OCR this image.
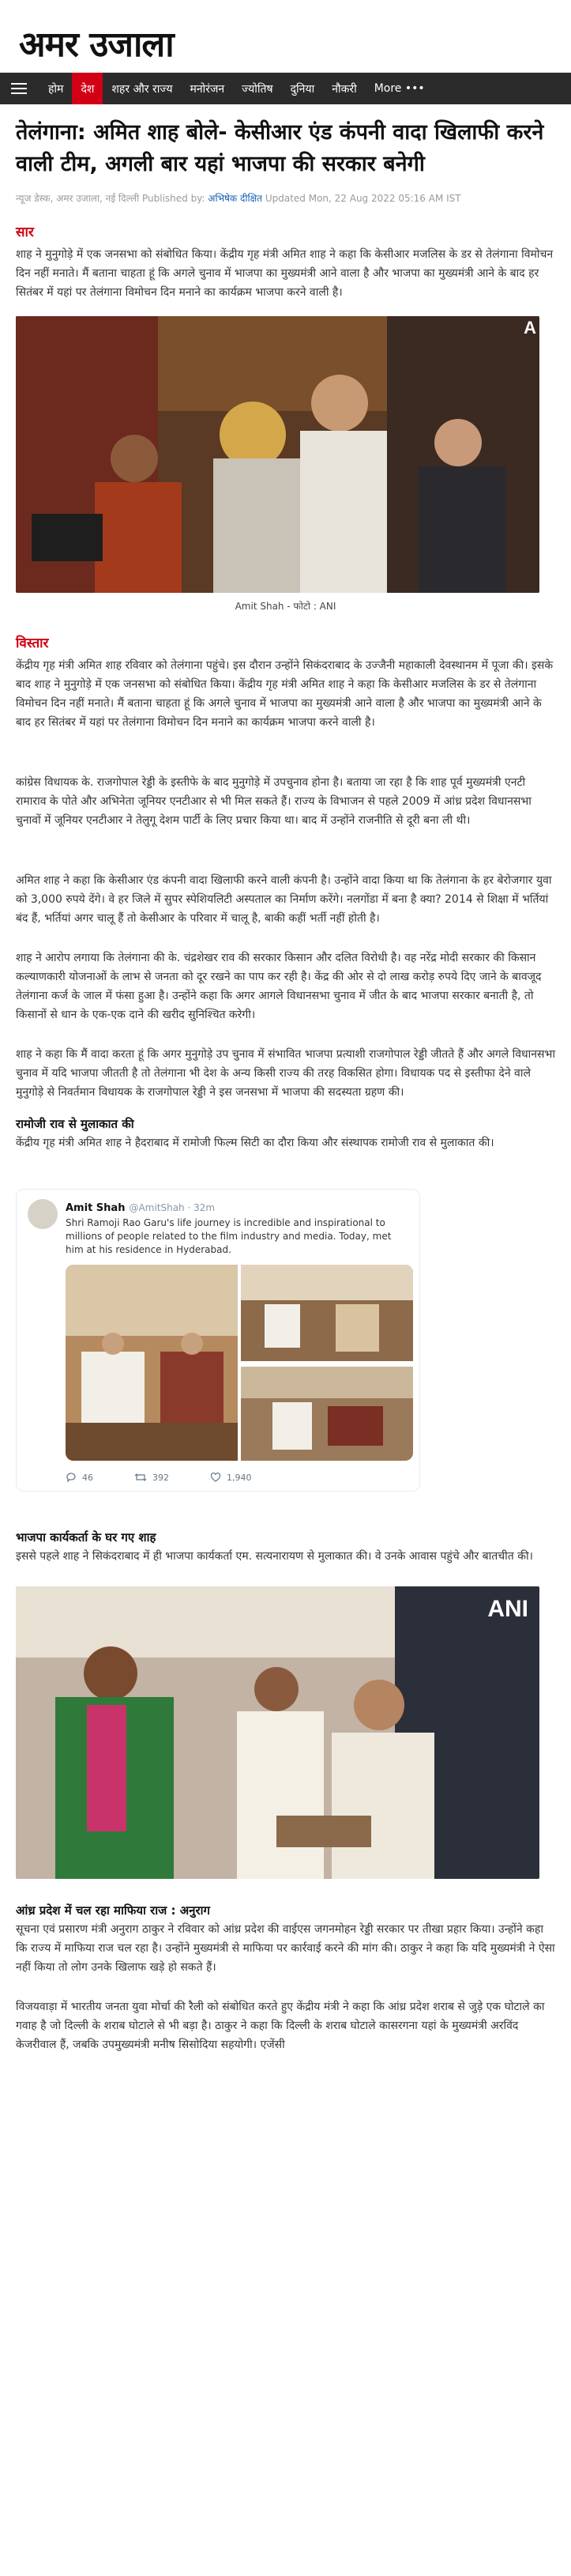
अमर उजाला
होम	देश	शहर और राज्य	मनोरंजन	ज्योतिष	दुनिया	नौकरी	More •••
तेलंगाना: अमित शाह बोले- केसीआर एंड कंपनी वादा खिलाफी करने वाली टीम, अगली बार यहां भाजपा की सरकार बनेगी
न्यूज डेस्क, अमर उजाला, नई दिल्ली Published by: अभिषेक दीक्षित Updated Mon, 22 Aug 2022 05:16 AM IST
सार

शाह ने मुनुगोड़े में एक जनसभा को संबोधित किया। केंद्रीय गृह मंत्री अमित शाह ने कहा कि केसीआर मजलिस के डर से तेलंगाना विमोचन दिन नहीं मनाते। मैं बताना चाहता हूं कि अगले चुनाव में भाजपा का मुख्यमंत्री आने वाला है और भाजपा का मुख्यमंत्री आने के बाद हर सितंबर में यहां पर तेलंगाना विमोचन दिन मनाने का कार्यक्रम भाजपा करने वाली है।

A
Amit Shah - फोटो : ANI
विस्तार

केंद्रीय गृह मंत्री अमित शाह रविवार को तेलंगाना पहुंचे। इस दौरान उन्होंने सिकंदराबाद के उज्जैनी महाकाली देवस्थानम में पूजा की। इसके बाद शाह ने मुनुगोड़े में एक जनसभा को संबोधित किया। केंद्रीय गृह मंत्री अमित शाह ने कहा कि केसीआर मजलिस के डर से तेलंगाना विमोचन दिन नहीं मनाते। मैं बताना चाहता हूं कि अगले चुनाव में भाजपा का मुख्यमंत्री आने वाला है और भाजपा का मुख्यमंत्री आने के बाद हर सितंबर में यहां पर तेलंगाना विमोचन दिन मनाने का कार्यक्रम भाजपा करने वाली है।

कांग्रेस विधायक के. राजगोपाल रेड्डी के इस्तीफे के बाद मुनुगोड़े में उपचुनाव होना है। बताया जा रहा है कि शाह पूर्व मुख्यमंत्री एनटी रामाराव के पोते और अभिनेता जूनियर एनटीआर से भी मिल सकते हैं। राज्य के विभाजन से पहले 2009 में आंध्र प्रदेश विधानसभा चुनावों में जूनियर एनटीआर ने तेलुगू देशम पार्टी के लिए प्रचार किया था। बाद में उन्होंने राजनीति से दूरी बना ली थी।

अमित शाह ने कहा कि केसीआर एंड कंपनी वादा खिलाफी करने वाली कंपनी है। उन्होंने वादा किया था कि तेलंगाना के हर बेरोजगार युवा को 3,000 रुपये देंगे। वे हर जिले में सुपर स्पेशियलिटी अस्पताल का निर्माण करेंगे। नलगोंडा में बना है क्या? 2014 से शिक्षा में भर्तियां बंद हैं, भर्तियां अगर चालू हैं तो केसीआर के परिवार में चालू है, बाकी कहीं भर्ती नहीं होती है।

शाह ने आरोप लगाया कि तेलंगाना की के. चंद्रशेखर राव की सरकार किसान और दलित विरोधी है। वह नरेंद्र मोदी सरकार की किसान कल्याणकारी योजनाओं के लाभ से जनता को दूर रखने का पाप कर रही है। केंद्र की ओर से दो लाख करोड़ रुपये दिए जाने के बावजूद तेलंगाना कर्ज के जाल में फंसा हुआ है। उन्होंने कहा कि अगर आगले विधानसभा चुनाव में जीत के बाद भाजपा सरकार बनाती है, तो किसानों से धान के एक-एक दाने की खरीद सुनिश्चित करेगी।

शाह ने कहा कि मैं वादा करता हूं कि अगर मुनुगोड़े उप चुनाव में संभावित भाजपा प्रत्याशी राजगोपाल रेड्डी जीतते हैं और अगले विधानसभा चुनाव में यदि भाजपा जीतती है तो तेलंगाना भी देश के अन्य किसी राज्य की तरह विकसित होगा। विधायक पद से इस्तीफा देने वाले मुनुगोड़े से निवर्तमान विधायक के राजगोपाल रेड्डी ने इस जनसभा में भाजपा की सदस्यता ग्रहण की।

रामोजी राव से मुलाकात की

केंद्रीय गृह मंत्री अमित शाह ने हैदराबाद में रामोजी फिल्म सिटी का दौरा किया और संस्थापक रामोजी राव से मुलाकात की।

Amit Shah @AmitShah · 32m
Shri Ramoji Rao Garu's life journey is incredible and inspirational to millions of people related to the film industry and media. Today, met him at his residence in Hyderabad.
46	392	1,940
भाजपा कार्यकर्ता के घर गए शाह

इससे पहले शाह ने सिकंदराबाद में ही भाजपा कार्यकर्ता एम. सत्यनारायण से मुलाकात की। वे उनके आवास पहुंचे और बातचीत की।

ANI
आंध्र प्रदेश में चल रहा माफिया राज : अनुराग

सूचना एवं प्रसारण मंत्री अनुराग ठाकुर ने रविवार को आंध्र प्रदेश की वाईएस जगनमोहन रेड्डी सरकार पर तीखा प्रहार किया। उन्होंने कहा कि राज्य में माफिया राज चल रहा है। उन्होंने मुख्यमंत्री से माफिया पर कार्रवाई करने की मांग की। ठाकुर ने कहा कि यदि मुख्यमंत्री ने ऐसा नहीं किया तो लोग उनके खिलाफ खड़े हो सकते हैं।

विजयवाड़ा में भारतीय जनता युवा मोर्चा की रैली को संबोधित करते हुए केंद्रीय मंत्री ने कहा कि आंध्र प्रदेश शराब से जुड़े एक घोटाले का गवाह है जो दिल्ली के शराब घोटाले से भी बड़ा है। ठाकुर ने कहा कि दिल्ली के शराब घोटाले कासरगना यहां के मुख्यमंत्री अरविंद केजरीवाल हैं, जबकि उपमुख्यमंत्री मनीष सिसोदिया सहयोगी। एजेंसी
